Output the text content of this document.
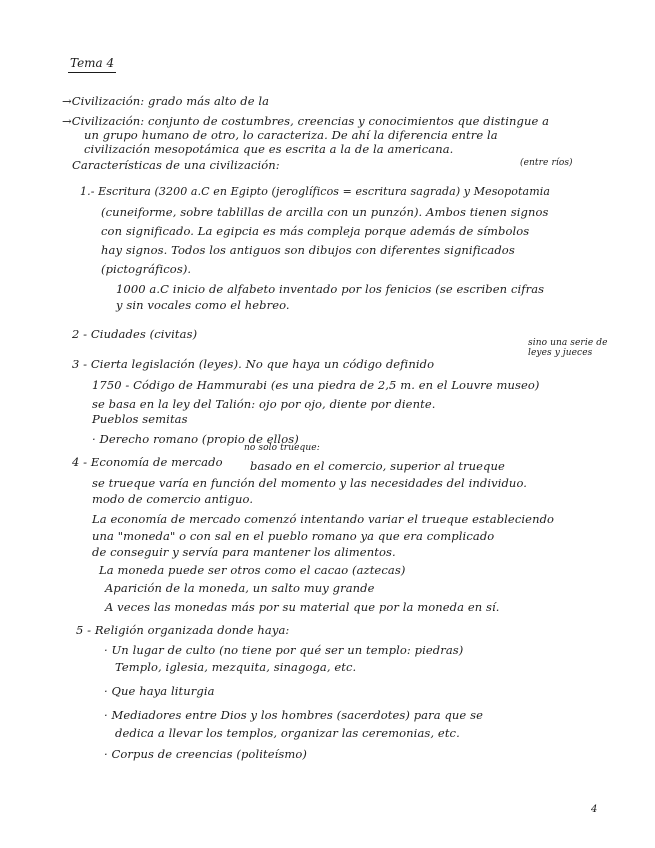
Tema 4
→Civilización: grado más alto de la
→Civilización: conjunto de costumbres, creencias y conocimientos que distingue a
un grupo humano de otro, lo caracteriza. De ahí la diferencia entre la
civilización mesopotámica que es escrita a la de la americana.
Características de una civilización:	(entre ríos)
1.- Escritura (3200 a.C en Egipto (jeroglíficos = escritura sagrada) y Mesopotamia
(cuneiforme, sobre tablillas de arcilla con un punzón). Ambos tienen signos
con significado. La egipcia es más compleja porque además de símbolos
hay signos. Todos los antiguos son dibujos con diferentes significados
(pictográficos).
1000 a.C inicio de alfabeto inventado por los fenicios (se escriben cifras
y sin vocales como el hebreo.
2 - Ciudades (civitas)
sino una serie de leyes y jueces
3 - Cierta legislación (leyes). No que haya un código definido
1750 - Código de Hammurabi (es una piedra de 2,5 m. en el Louvre museo)
se basa en la ley del Talión: ojo por ojo, diente por diente.
Pueblos semitas
· Derecho romano (propio de ellos)
no solo trueque:
4 - Economía de mercado basado en el comercio, superior al trueque
se trueque varía en función del momento y las necesidades del individuo.
modo de comercio antiguo.
La economía de mercado comenzó intentando variar el trueque estableciendo
una "moneda" o con sal en el pueblo romano ya que era complicado
de conseguir y servía para mantener los alimentos.
La moneda puede ser otros como el cacao (aztecas)
Aparición de la moneda, un salto muy grande
A veces las monedas más por su material que por la moneda en sí.
5 - Religión organizada donde haya:
· Un lugar de culto (no tiene por qué ser un templo: piedras)
Templo, iglesia, mezquita, sinagoga, etc.
· Que haya liturgia
· Mediadores entre Dios y los hombres (sacerdotes) para que se
dedica a llevar los templos, organizar las ceremonias, etc.
· Corpus de creencias (politeísmo)
4
